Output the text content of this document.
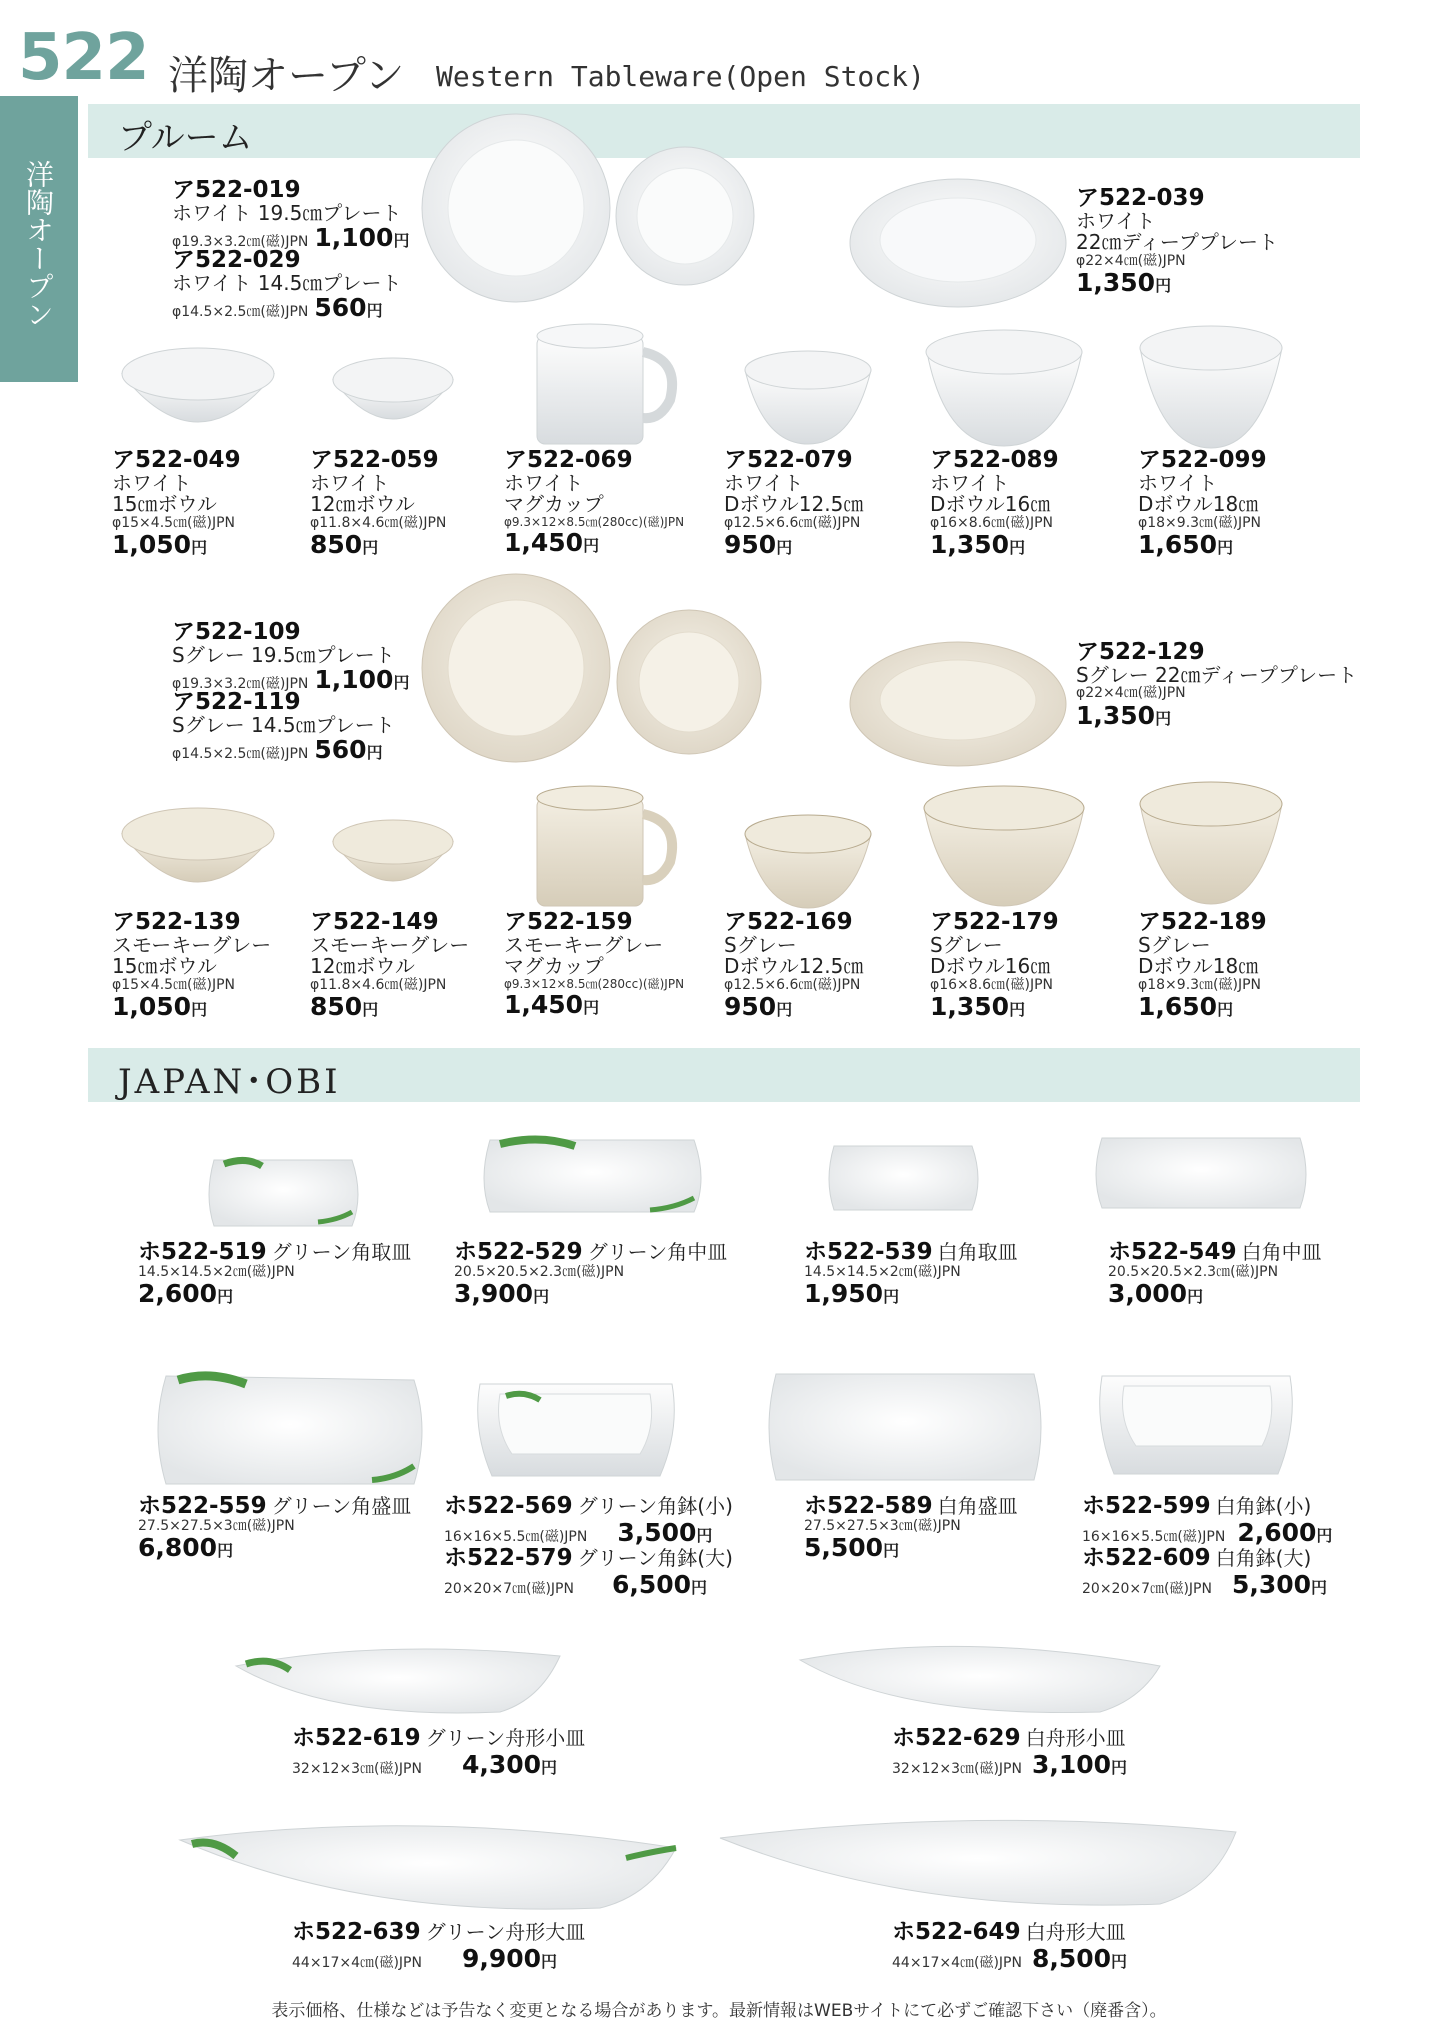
522 洋陶オープン Western Tableware(Open Stock)
洋陶オープン
プルーム
JAPAN･OBI
ア522-019
ホワイト 19.5㎝プレート
φ19.3×3.2㎝(磁)JPN 1,100円
ア522-029
ホワイト 14.5㎝プレート
φ14.5×2.5㎝(磁)JPN 560円
ア522-039
ホワイト
22㎝ディーププレート
φ22×4㎝(磁)JPN
1,350円
ア522-049
ホワイト
15㎝ボウル
φ15×4.5㎝(磁)JPN
1,050円
ア522-059
ホワイト
12㎝ボウル
φ11.8×4.6㎝(磁)JPN
850円
ア522-069
ホワイト
マグカップ
φ9.3×12×8.5㎝(280cc)(磁)JPN
1,450円
ア522-079
ホワイト
Dボウル12.5㎝
φ12.5×6.6㎝(磁)JPN
950円
ア522-089
ホワイト
Dボウル16㎝
φ16×8.6㎝(磁)JPN
1,350円
ア522-099
ホワイト
Dボウル18㎝
φ18×9.3㎝(磁)JPN
1,650円
ア522-109
Sグレー 19.5㎝プレート
φ19.3×3.2㎝(磁)JPN 1,100円
ア522-119
Sグレー 14.5㎝プレート
φ14.5×2.5㎝(磁)JPN 560円
ア522-129
Sグレー 22㎝ディーププレート
φ22×4㎝(磁)JPN
1,350円
ア522-139
スモーキーグレー
15㎝ボウル
φ15×4.5㎝(磁)JPN
1,050円
ア522-149
スモーキーグレー
12㎝ボウル
φ11.8×4.6㎝(磁)JPN
850円
ア522-159
スモーキーグレー
マグカップ
φ9.3×12×8.5㎝(280cc)(磁)JPN
1,450円
ア522-169
Sグレー
Dボウル12.5㎝
φ12.5×6.6㎝(磁)JPN
950円
ア522-179
Sグレー
Dボウル16㎝
φ16×8.6㎝(磁)JPN
1,350円
ア522-189
Sグレー
Dボウル18㎝
φ18×9.3㎝(磁)JPN
1,650円
ホ522-519 グリーン角取皿
14.5×14.5×2㎝(磁)JPN
2,600円
ホ522-529 グリーン角中皿
20.5×20.5×2.3㎝(磁)JPN
3,900円
ホ522-539 白角取皿
14.5×14.5×2㎝(磁)JPN
1,950円
ホ522-549 白角中皿
20.5×20.5×2.3㎝(磁)JPN
3,000円
ホ522-559 グリーン角盛皿
27.5×27.5×3㎝(磁)JPN
6,800円
ホ522-569 グリーン角鉢(小)
16×16×5.5㎝(磁)JPN 3,500円
ホ522-579 グリーン角鉢(大)
20×20×7㎝(磁)JPN 6,500円
ホ522-589 白角盛皿
27.5×27.5×3㎝(磁)JPN
5,500円
ホ522-599 白角鉢(小)
16×16×5.5㎝(磁)JPN 2,600円
ホ522-609 白角鉢(大)
20×20×7㎝(磁)JPN 5,300円
ホ522-619 グリーン舟形小皿
32×12×3㎝(磁)JPN 4,300円
ホ522-629 白舟形小皿
32×12×3㎝(磁)JPN 3,100円
ホ522-639 グリーン舟形大皿
44×17×4㎝(磁)JPN 9,900円
ホ522-649 白舟形大皿
44×17×4㎝(磁)JPN 8,500円
表示価格、仕様などは予告なく変更となる場合があります。最新情報はWEBサイトにて必ずご確認下さい（廃番含）。
